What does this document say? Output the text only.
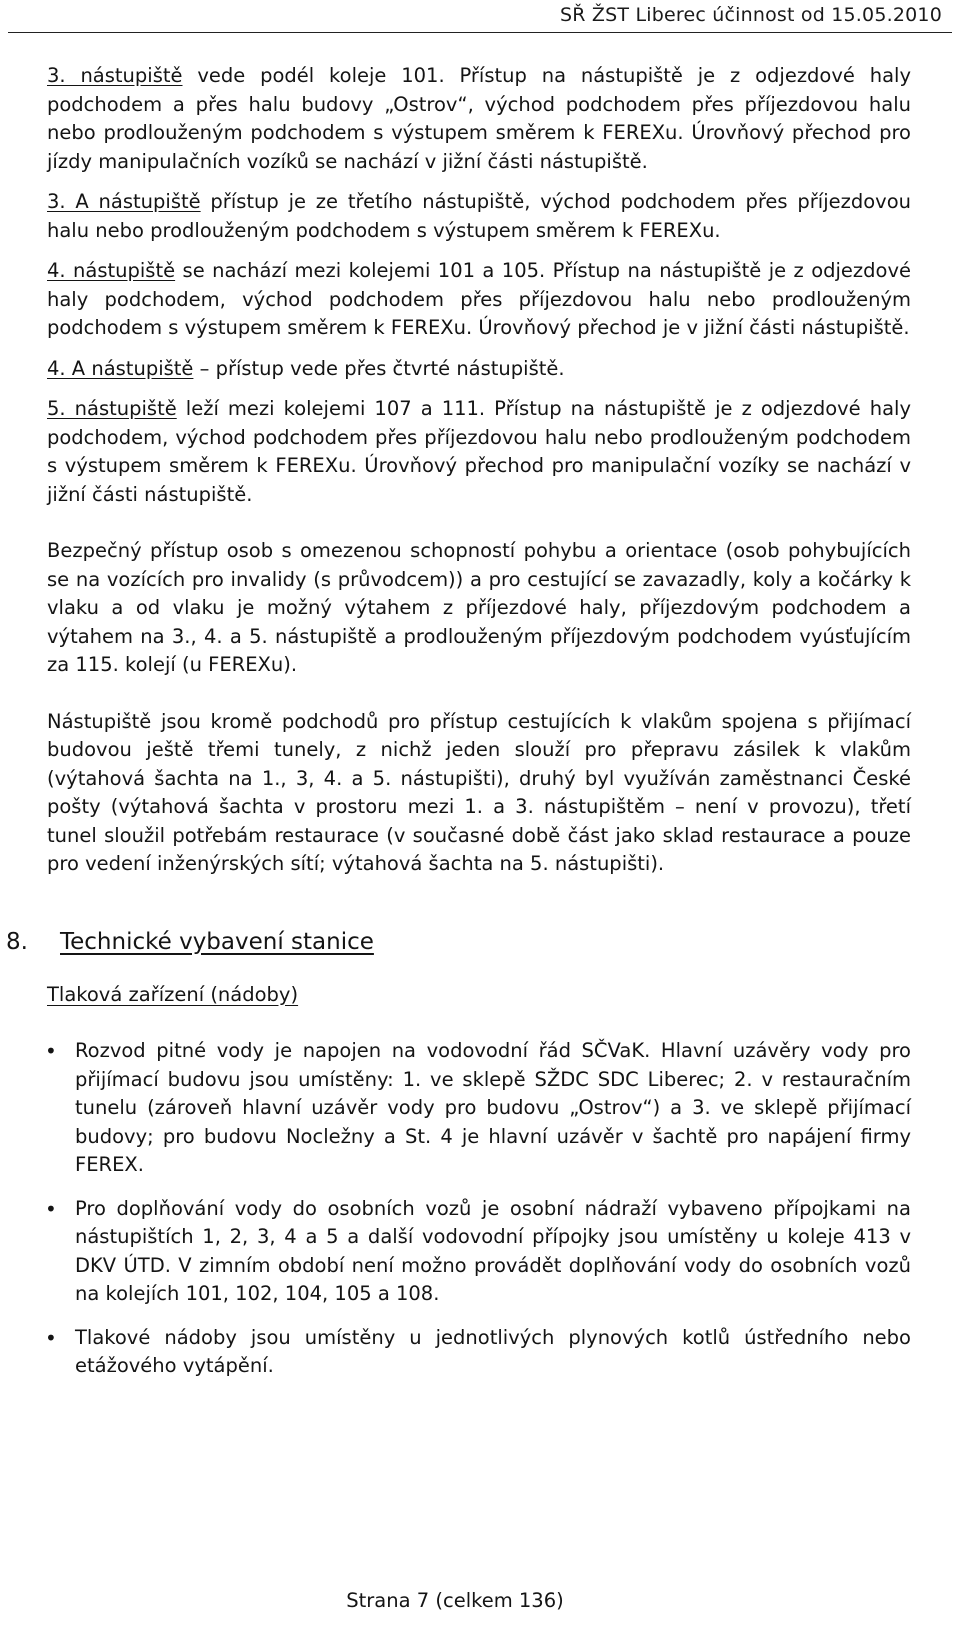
SŘ ŽST Liberec účinnost od 15.05.2010

3. nástupiště vede podél koleje 101. Přístup na nástupiště je z odjezdové haly podchodem a přes halu budovy „Ostrov“, východ podchodem přes příjezdovou halu nebo prodlouženým podchodem s výstupem směrem k FEREXu. Úrovňový přechod pro jízdy manipulačních vozíků se nachází v jižní části nástupiště.

3. A nástupiště přístup je ze třetího nástupiště, východ podchodem přes příjezdovou halu nebo prodlouženým podchodem s výstupem směrem k FEREXu.

4. nástupiště se nachází mezi kolejemi 101 a 105. Přístup na nástupiště je z odjezdové haly podchodem, východ podchodem přes příjezdovou halu nebo prodlouženým podchodem s výstupem směrem k FEREXu. Úrovňový přechod je v jižní části nástupiště.

4. A nástupiště – přístup vede přes čtvrté nástupiště.

5. nástupiště leží mezi kolejemi 107 a 111. Přístup na nástupiště je z odjezdové haly podchodem, východ podchodem přes příjezdovou halu nebo prodlouženým podchodem s výstupem směrem k FEREXu. Úrovňový přechod pro manipulační vozíky se nachází v jižní části nástupiště.

Bezpečný přístup osob s omezenou schopností pohybu a orientace (osob pohybujících se na vozících pro invalidy (s průvodcem)) a pro cestující se zavazadly, koly a kočárky k vlaku a od vlaku je možný výtahem z příjezdové haly, příjezdovým podchodem a výtahem na 3., 4. a 5. nástupiště a prodlouženým příjezdovým podchodem vyúsťujícím za 115. kolejí (u FEREXu).

Nástupiště jsou kromě podchodů pro přístup cestujících k vlakům spojena s přijímací budovou ještě třemi tunely, z nichž jeden slouží pro přepravu zásilek k vlakům (výtahová šachta na 1., 3, 4. a 5. nástupišti), druhý byl využíván zaměstnanci České pošty (výtahová šachta v prostoru mezi 1. a 3. nástupištěm – není v provozu), třetí tunel sloužil potřebám restaurace (v současné době část jako sklad restaurace a pouze pro vedení inženýrských sítí; výtahová šachta na 5. nástupišti).

8. Technické vybavení stanice
Tlaková zařízení (nádoby)
• Rozvod pitné vody je napojen na vodovodní řád SČVaK. Hlavní uzávěry vody pro přijímací budovu jsou umístěny: 1. ve sklepě SŽDC SDC Liberec; 2. v restauračním tunelu (zároveň hlavní uzávěr vody pro budovu „Ostrov“) a 3. ve sklepě přijímací budovy; pro budovu Nocležny a St. 4 je hlavní uzávěr v šachtě pro napájení firmy FEREX.
• Pro doplňování vody do osobních vozů je osobní nádraží vybaveno přípojkami na nástupištích 1, 2, 3, 4 a 5 a další vodovodní přípojky jsou umístěny u koleje 413 v DKV ÚTD. V zimním období není možno provádět doplňování vody do osobních vozů na kolejích 101, 102, 104, 105 a 108.
• Tlakové nádoby jsou umístěny u jednotlivých plynových kotlů ústředního nebo etážového vytápění.
Strana 7 (celkem 136)
